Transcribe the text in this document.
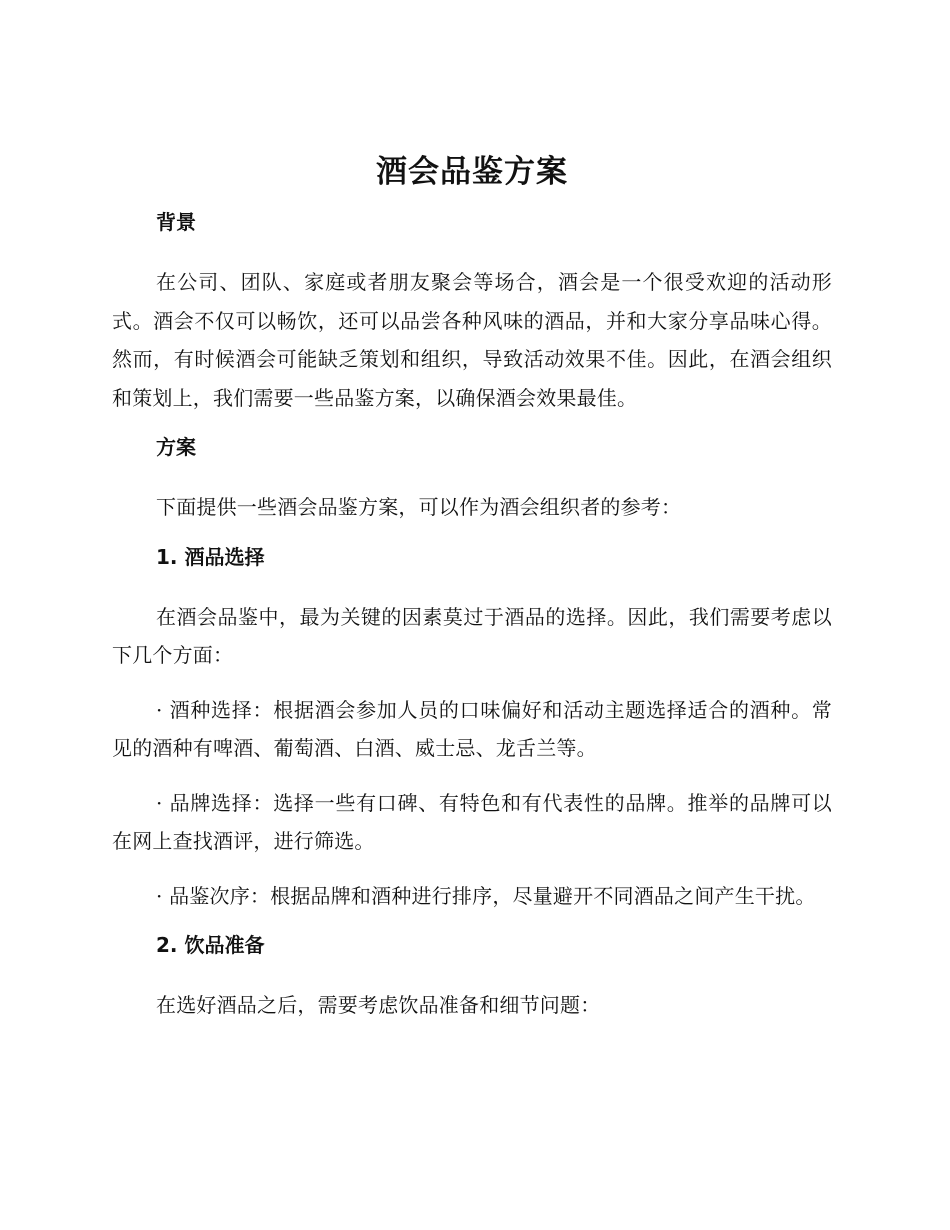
酒会品鉴方案
背景

在公司、团队、家庭或者朋友聚会等场合，酒会是一个很受欢迎的活动形式。酒会不仅可以畅饮，还可以品尝各种风味的酒品，并和大家分享品味心得。然而，有时候酒会可能缺乏策划和组织，导致活动效果不佳。因此，在酒会组织和策划上，我们需要一些品鉴方案，以确保酒会效果最佳。

方案

下面提供一些酒会品鉴方案，可以作为酒会组织者的参考：

1. 酒品选择

在酒会品鉴中，最为关键的因素莫过于酒品的选择。因此，我们需要考虑以下几个方面：

· 酒种选择：根据酒会参加人员的口味偏好和活动主题选择适合的酒种。常见的酒种有啤酒、葡萄酒、白酒、威士忌、龙舌兰等。

· 品牌选择：选择一些有口碑、有特色和有代表性的品牌。推举的品牌可以在网上查找酒评，进行筛选。

· 品鉴次序：根据品牌和酒种进行排序，尽量避开不同酒品之间产生干扰。

2. 饮品准备

在选好酒品之后，需要考虑饮品准备和细节问题：
